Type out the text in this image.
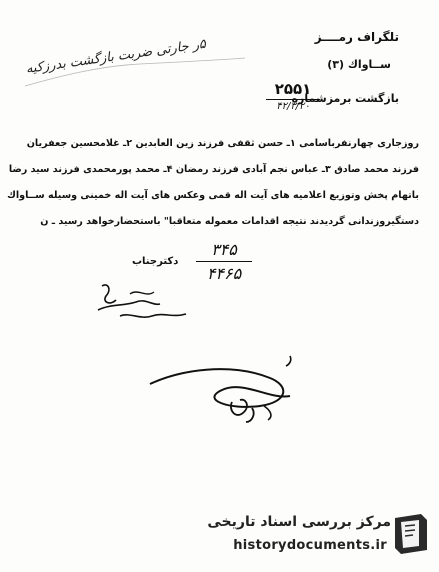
تلگراف رمــــز
ســاواك (۳)
بازگشت برمزشماره
۲۵۵۱
۴۲/۳/۲۰
۵ر جارتی ضربت بازگشت بدرزکیه
روزجاری چهارنفرباسامی ۱ـ حسن ثقفی فرزند زین العابدین ۲ـ غلامحسین جعفریان
فرزند محمد صادق ۳ـ عباس نجم آبادی فرزند رمضان ۴ـ محمد پورمحمدی فرزند سید رضا
باتهام پخش وتوزیع اعلامیه های آیت اله قمی وعکس های آیت اله خمینی وسیله ســاواك
دستگیروزندانی گردیدند نتیجه اقدامات معموله متعاقبا" باستحضارخواهد رسید ـ ن
۳۴۵
۴۴۶۵
دکترجناب
مرکز بررسی اسناد تاریخی
historydocuments.ir
